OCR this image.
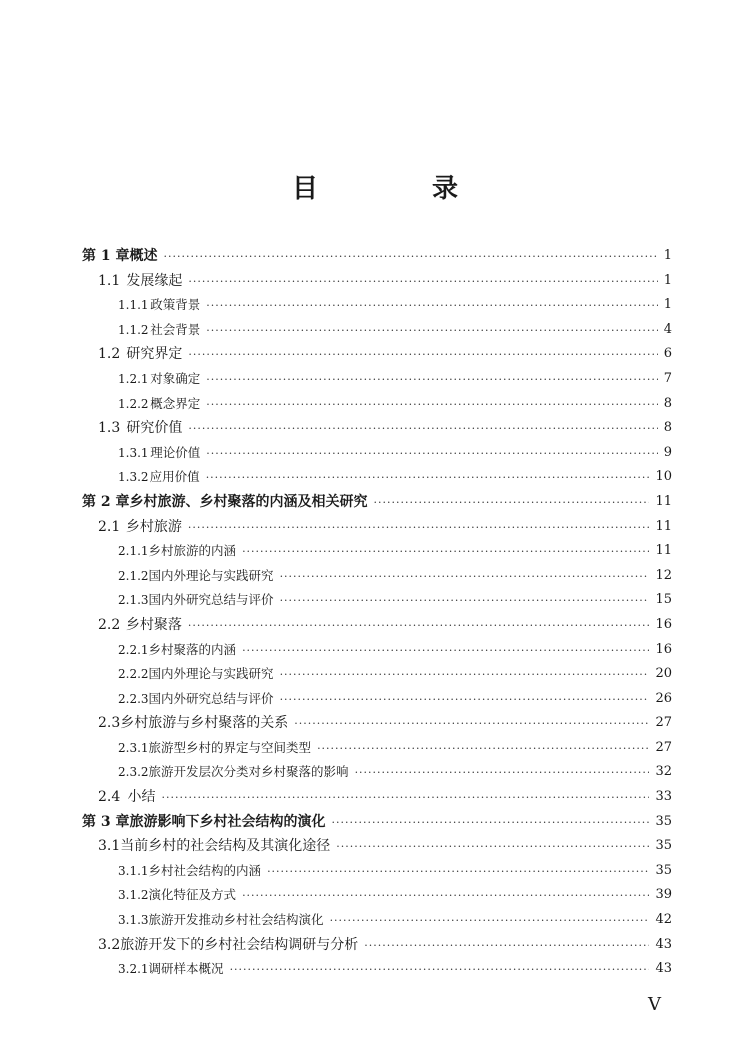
目　录
第 1 章 概述 ·····	1
1.1 发展缘起 ·····	1
1.1.1 政策背景 ·····	1
1.1.2 社会背景 ·····	4
1.2 研究界定 ·····	6
1.2.1 对象确定 ·····	7
1.2.2 概念界定 ·····	8
1.3 研究价值 ·····	8
1.3.1 理论价值 ·····	9
1.3.2 应用价值 ·····	10
第 2 章 乡村旅游、乡村聚落的内涵及相关研究 ·····	11
2.1 乡村旅游 ·····	11
2.1.1 乡村旅游的内涵 ·····	11
2.1.2 国内外理论与实践研究 ·····	12
2.1.3 国内外研究总结与评价 ·····	15
2.2 乡村聚落 ·····	16
2.2.1 乡村聚落的内涵 ·····	16
2.2.2 国内外理论与实践研究 ·····	20
2.2.3 国内外研究总结与评价 ·····	26
2.3 乡村旅游与乡村聚落的关系 ·····	27
2.3.1 旅游型乡村的界定与空间类型 ·····	27
2.3.2 旅游开发层次分类对乡村聚落的影响 ·····	32
2.4 小结 ·····	33
第 3 章 旅游影响下乡村社会结构的演化 ·····	35
3.1 当前乡村的社会结构及其演化途径 ·····	35
3.1.1 乡村社会结构的内涵 ·····	35
3.1.2 演化特征及方式 ·····	39
3.1.3 旅游开发推动乡村社会结构演化 ·····	42
3.2 旅游开发下的乡村社会结构调研与分析 ·····	43
3.2.1 调研样本概况 ·····	43
V
